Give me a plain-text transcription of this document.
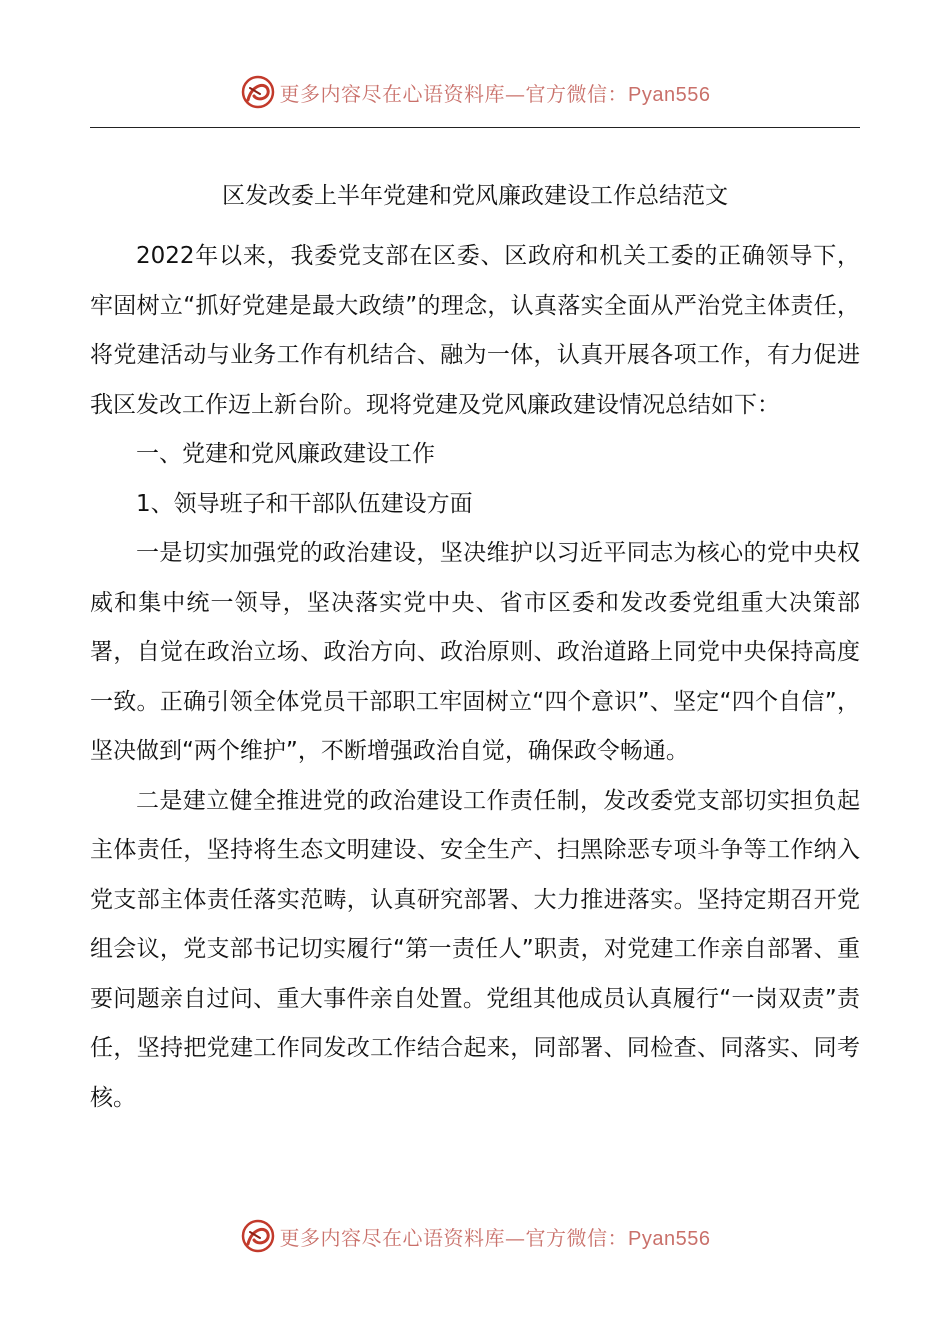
更多内容尽在心语资料库—官方微信：Pyan556
区发改委上半年党建和党风廉政建设工作总结范文

2022年以来，我委党支部在区委、区政府和机关工委的正确领导下，牢固树立“抓好党建是最大政绩”的理念，认真落实全面从严治党主体责任，将党建活动与业务工作有机结合、融为一体，认真开展各项工作，有力促进我区发改工作迈上新台阶。现将党建及党风廉政建设情况总结如下：

一、党建和党风廉政建设工作

1、领导班子和干部队伍建设方面

一是切实加强党的政治建设，坚决维护以习近平同志为核心的党中央权威和集中统一领导，坚决落实党中央、省市区委和发改委党组重大决策部署，自觉在政治立场、政治方向、政治原则、政治道路上同党中央保持高度一致。正确引领全体党员干部职工牢固树立“四个意识”、坚定“四个自信”，坚决做到“两个维护”，不断增强政治自觉，确保政令畅通。

二是建立健全推进党的政治建设工作责任制，发改委党支部切实担负起主体责任，坚持将生态文明建设、安全生产、扫黑除恶专项斗争等工作纳入党支部主体责任落实范畴，认真研究部署、大力推进落实。坚持定期召开党组会议，党支部书记切实履行“第一责任人”职责，对党建工作亲自部署、重要问题亲自过问、重大事件亲自处置。党组其他成员认真履行“一岗双责”责任，坚持把党建工作同发改工作结合起来，同部署、同检查、同落实、同考核。

更多内容尽在心语资料库—官方微信：Pyan556
